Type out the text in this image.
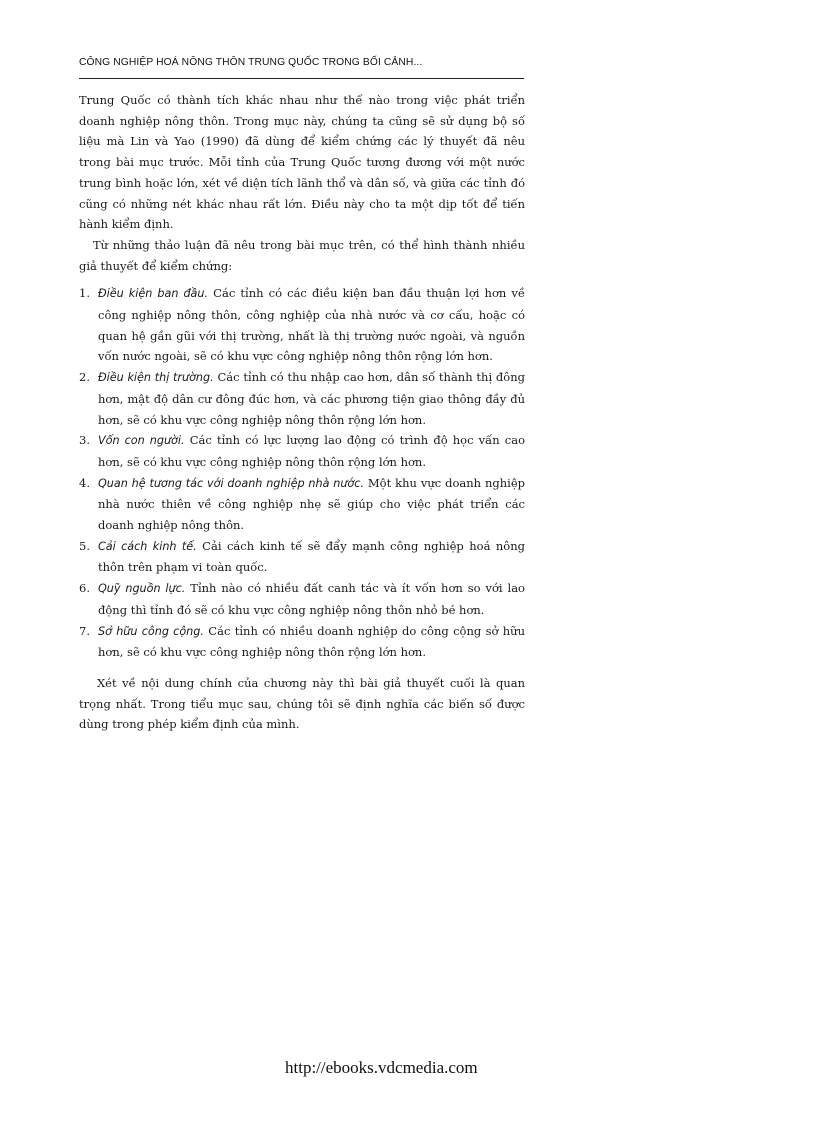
CÔNG NGHIỆP HOÁ NÔNG THÔN TRUNG QUỐC TRONG BỐI CẢNH...

Trung Quốc có thành tích khác nhau như thế nào trong việc phát triển doanh nghiệp nông thôn. Trong mục này, chúng ta cũng sẽ sử dụng bộ số liệu mà Lin và Yao (1990) đã dùng để kiểm chứng các lý thuyết đã nêu trong bài mục trước. Mỗi tỉnh của Trung Quốc tương đương với một nước trung bình hoặc lớn, xét về diện tích lãnh thổ và dân số, và giữa các tỉnh đó cũng có những nét khác nhau rất lớn. Điều này cho ta một dịp tốt để tiến hành kiểm định.

Từ những thảo luận đã nêu trong bài mục trên, có thể hình thành nhiều giả thuyết để kiểm chứng:

1. Điều kiện ban đầu. Các tỉnh có các điều kiện ban đầu thuận lợi hơn về công nghiệp nông thôn, công nghiệp của nhà nước và cơ cấu, hoặc có quan hệ gần gũi với thị trường, nhất là thị trường nước ngoài, và nguồn vốn nước ngoài, sẽ có khu vực công nghiệp nông thôn rộng lớn hơn.
2. Điều kiện thị trường. Các tỉnh có thu nhập cao hơn, dân số thành thị đông hơn, mật độ dân cư đông đúc hơn, và các phương tiện giao thông đầy đủ hơn, sẽ có khu vực công nghiệp nông thôn rộng lớn hơn.
3. Vốn con người. Các tỉnh có lực lượng lao động có trình độ học vấn cao hơn, sẽ có khu vực công nghiệp nông thôn rộng lớn hơn.
4. Quan hệ tương tác với doanh nghiệp nhà nước. Một khu vực doanh nghiệp nhà nước thiên về công nghiệp nhẹ sẽ giúp cho việc phát triển các doanh nghiệp nông thôn.
5. Cải cách kinh tế. Cải cách kinh tế sẽ đẩy mạnh công nghiệp hoá nông thôn trên phạm vi toàn quốc.
6. Quỹ nguồn lực. Tỉnh nào có nhiều đất canh tác và ít vốn hơn so với lao động thì tỉnh đó sẽ có khu vực công nghiệp nông thôn nhỏ bé hơn.
7. Sở hữu công cộng. Các tỉnh có nhiều doanh nghiệp do công cộng sở hữu hơn, sẽ có khu vực công nghiệp nông thôn rộng lớn hơn.

Xét về nội dung chính của chương này thì bài giả thuyết cuối là quan trọng nhất. Trong tiểu mục sau, chúng tôi sẽ định nghĩa các biến số được dùng trong phép kiểm định của mình.

http://ebooks.vdcmedia.com
